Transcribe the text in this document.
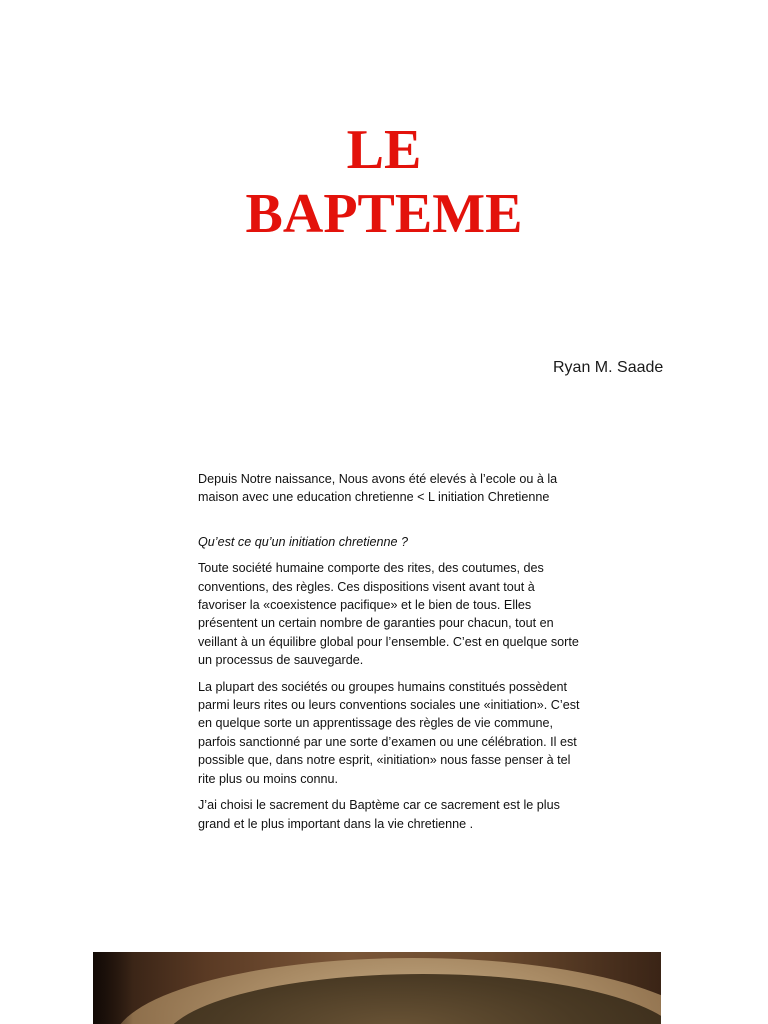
LE
BAPTEME
Ryan M. Saade

Depuis Notre naissance, Nous avons été elevés à l’ecole ou à la maison avec une education chretienne < L initiation Chretienne

Qu’est ce qu’un initiation chretienne ?

Toute société humaine comporte des rites, des coutumes, des conventions, des règles. Ces dispositions visent avant tout à favoriser la «coexistence pacifique» et le bien de tous. Elles présentent un certain nombre de garanties pour chacun, tout en veillant à un équilibre global pour l’ensemble. C’est en quelque sorte un processus de sauvegarde.

La plupart des sociétés ou groupes humains constitués possèdent parmi leurs rites ou leurs conventions sociales une «initiation». C’est en quelque sorte un apprentissage des règles de vie commune, parfois sanctionné par une sorte d’examen ou une célébration. Il est possible que, dans notre esprit, «initiation» nous fasse penser à tel rite plus ou moins connu.

J’ai choisi le sacrement du Baptème car ce sacrement est le plus grand et le plus important dans la vie chretienne .
